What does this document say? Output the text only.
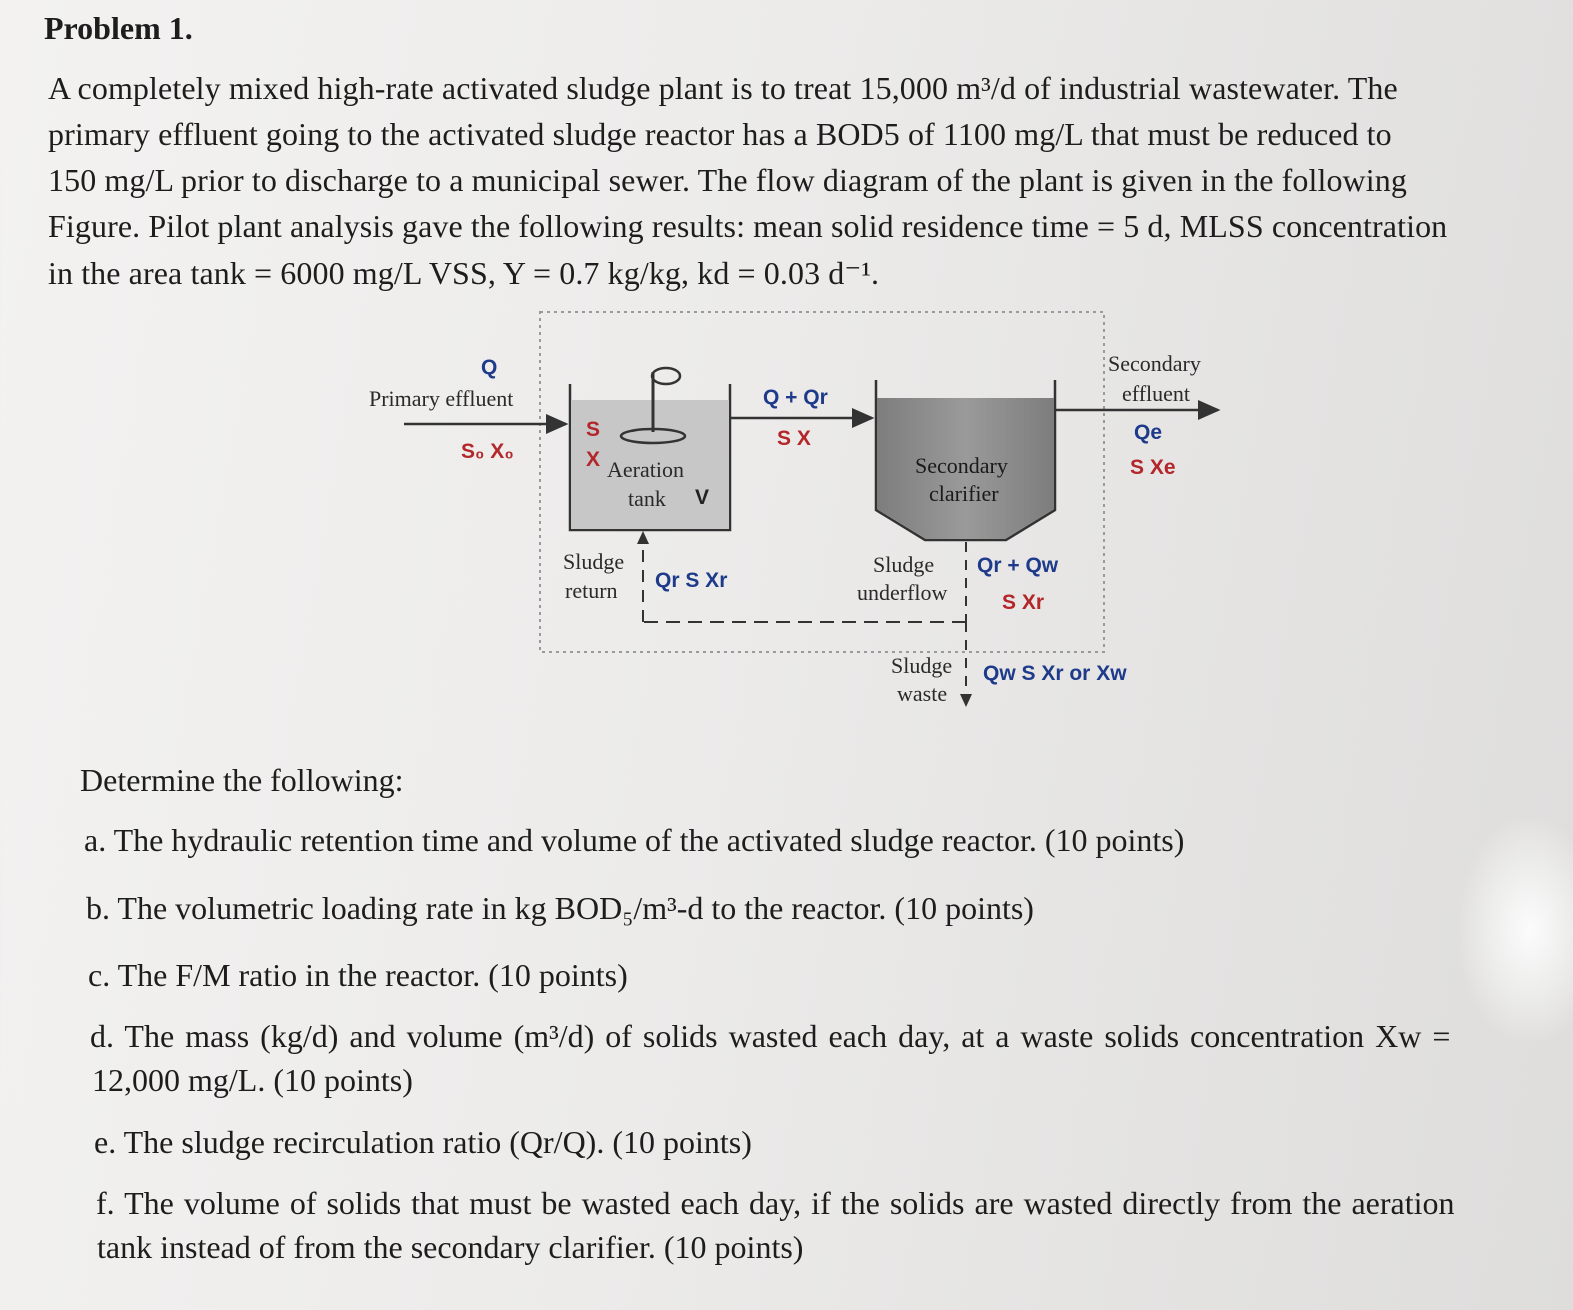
Problem 1.
A completely mixed high-rate activated sludge plant is to treat 15,000 m³/d of industrial wastewater. The
primary effluent going to the activated sludge reactor has a BOD5 of 1100 mg/L that must be reduced to
150 mg/L prior to discharge to a municipal sewer. The flow diagram of the plant is given in the following
Figure. Pilot plant analysis gave the following results: mean solid residence time = 5 d, MLSS concentration
in the area tank = 6000 mg/L VSS, Y = 0.7 kg/kg, kd = 0.03 d⁻¹.
Q
Primary effluent
S₀ X₀
S
X Aeration
tank V
Q + Qr
S X
Secondary
clarifier
Secondary
effluent
Qe
S Xe
Sludge
return Qr S Xr
Sludge
underflow
Qr + Qw
S Xr
Sludge
waste
Qw S Xr or Xw
Determine the following:
a. The hydraulic retention time and volume of the activated sludge reactor. (10 points)
b. The volumetric loading rate in kg BOD₅/m³-d to the reactor. (10 points)
c. The F/M ratio in the reactor. (10 points)
d. The mass (kg/d) and volume (m³/d) of solids wasted each day, at a waste solids concentration Xw =
12,000 mg/L. (10 points)
e. The sludge recirculation ratio (Qr/Q). (10 points)
f. The volume of solids that must be wasted each day, if the solids are wasted directly from the aeration
tank instead of from the secondary clarifier. (10 points)
